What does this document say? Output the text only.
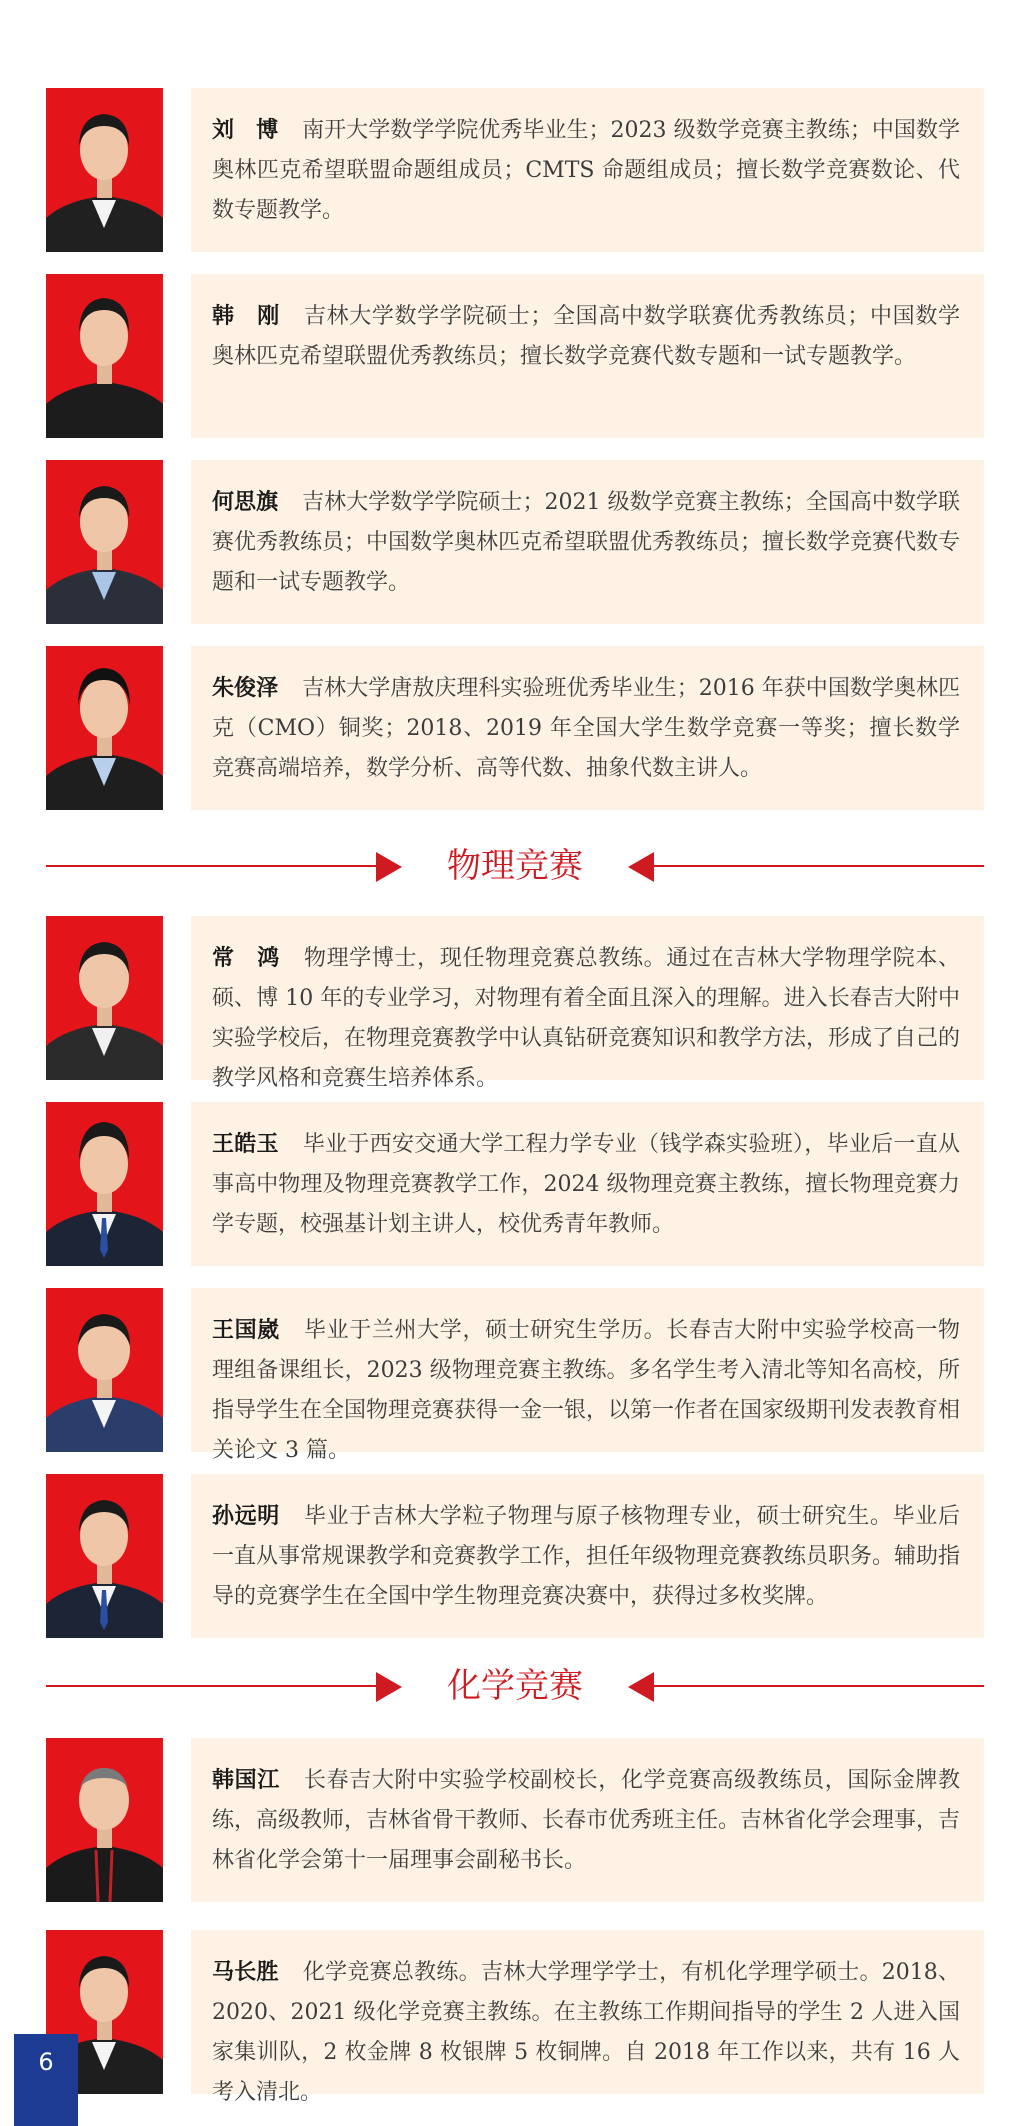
刘　博 南开大学数学学院优秀毕业生；2023 级数学竞赛主教练；中国数学奥林匹克希望联盟命题组成员；CMTS 命题组成员；擅长数学竞赛数论、代数专题教学。
韩　刚 吉林大学数学学院硕士；全国高中数学联赛优秀教练员；中国数学奥林匹克希望联盟优秀教练员；擅长数学竞赛代数专题和一试专题教学。
何思旗 吉林大学数学学院硕士；2021 级数学竞赛主教练；全国高中数学联赛优秀教练员；中国数学奥林匹克希望联盟优秀教练员；擅长数学竞赛代数专题和一试专题教学。
朱俊泽 吉林大学唐敖庆理科实验班优秀毕业生；2016 年获中国数学奥林匹克（CMO）铜奖；2018、2019 年全国大学生数学竞赛一等奖；擅长数学竞赛高端培养，数学分析、高等代数、抽象代数主讲人。
物理竞赛
常　鸿 物理学博士，现任物理竞赛总教练。通过在吉林大学物理学院本、硕、博 10 年的专业学习，对物理有着全面且深入的理解。进入长春吉大附中实验学校后，在物理竞赛教学中认真钻研竞赛知识和教学方法，形成了自己的教学风格和竞赛生培养体系。
王皓玉 毕业于西安交通大学工程力学专业（钱学森实验班），毕业后一直从事高中物理及物理竞赛教学工作，2024 级物理竞赛主教练，擅长物理竞赛力学专题，校强基计划主讲人，校优秀青年教师。
王国崴 毕业于兰州大学，硕士研究生学历。长春吉大附中实验学校高一物理组备课组长，2023 级物理竞赛主教练。多名学生考入清北等知名高校，所指导学生在全国物理竞赛获得一金一银，以第一作者在国家级期刊发表教育相关论文 3 篇。
孙远明 毕业于吉林大学粒子物理与原子核物理专业，硕士研究生。毕业后一直从事常规课教学和竞赛教学工作，担任年级物理竞赛教练员职务。辅助指导的竞赛学生在全国中学生物理竞赛决赛中，获得过多枚奖牌。
化学竞赛
韩国江 长春吉大附中实验学校副校长，化学竞赛高级教练员，国际金牌教练，高级教师，吉林省骨干教师、长春市优秀班主任。吉林省化学会理事，吉林省化学会第十一届理事会副秘书长。
马长胜 化学竞赛总教练。吉林大学理学学士，有机化学理学硕士。2018、2020、2021 级化学竞赛主教练。在主教练工作期间指导的学生 2 人进入国家集训队，2 枚金牌 8 枚银牌 5 枚铜牌。自 2018 年工作以来，共有 16 人考入清北。
6
